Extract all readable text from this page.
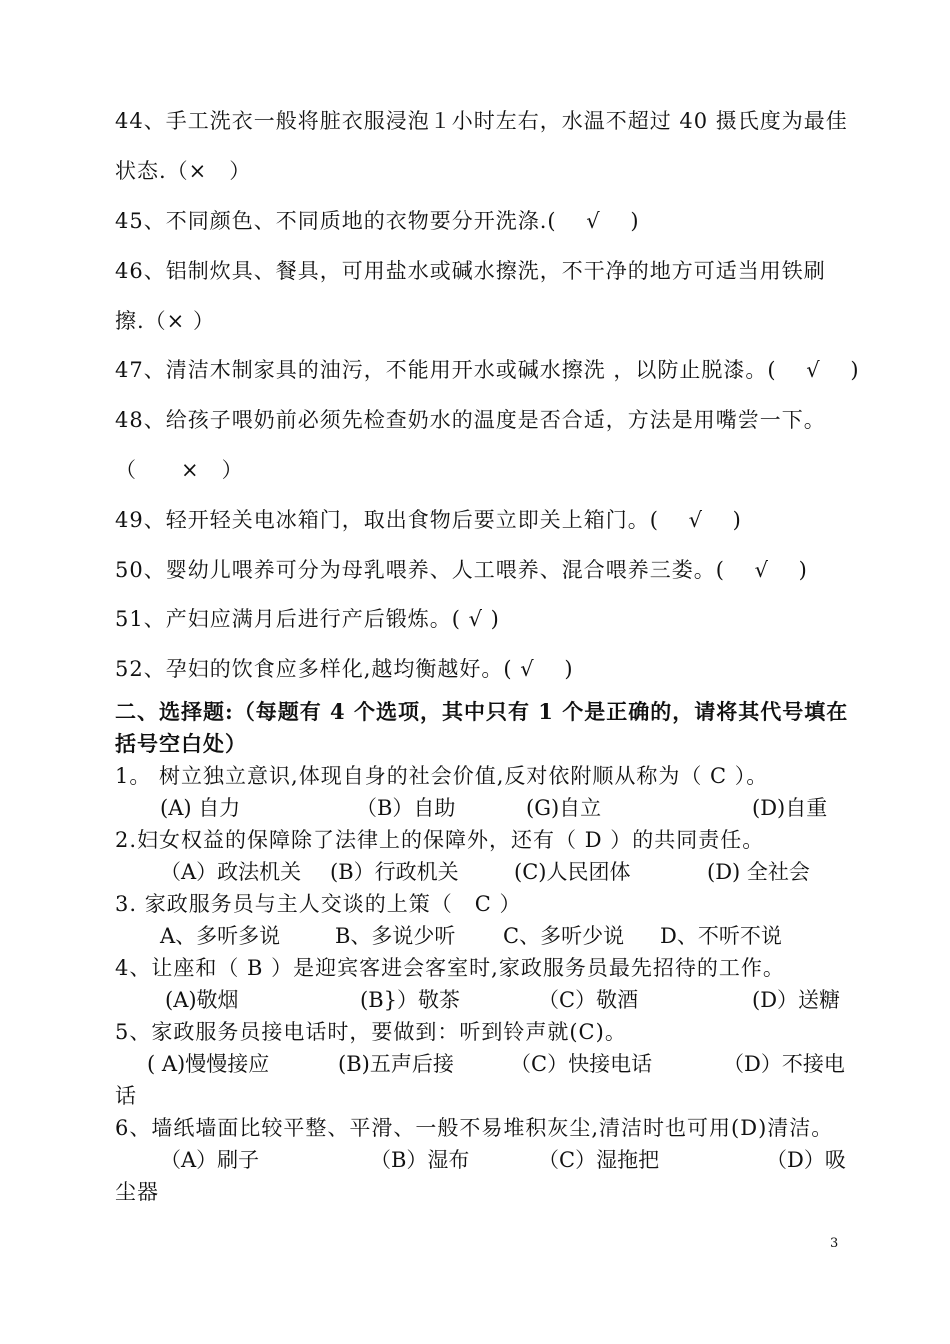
44、手工洗衣一般将脏衣服浸泡１小时左右，水温不超过 40 摄氏度为最佳
状态.（×　）
45、不同颜色、不同质地的衣物要分开洗涤.(　 √　 )
46、铝制炊具、餐具，可用盐水或碱水擦洗，不干净的地方可适当用铁刷
擦.（× ）
47、清洁木制家具的油污，不能用开水或碱水擦洗 ，以防止脱漆。(　 √　 )
48、给孩子喂奶前必须先检查奶水的温度是否合适，方法是用嘴尝一下。
（　　×　）
49、轻开轻关电冰箱门，取出食物后要立即关上箱门。(　 √　 )
50、婴幼儿喂养可分为母乳喂养、人工喂养、混合喂养三娄。(　 √　 )
51、产妇应满月后进行产后锻炼。( √ )
52、孕妇的饮食应多样化,越均衡越好。( √　 )
二、选择题:（每题有 4 个选项，其中只有 1 个是正确的，请将其代号填在
括号空白处）
1。 树立独立意识,体现自身的社会价值,反对依附顺从称为（ C ）。
(A) 自力	（B）自助	(G)自立	(D)自重
2.妇女权益的保障除了法律上的保障外，还有（ D ）的共同责任。
（A）政法机关 (B）行政机关	(C)人民团体	(D) 全社会
3. 家政服务员与主人交谈的上策（　C ）
A、多听多说	B、多说少听 C、多听少说 D、不听不说
4、让座和（ B ）是迎宾客进会客室时,家政服务员最先招待的工作。
(A)敬烟	(B}）敬茶	（C）敬酒	(D）送糖
5、家政服务员接电话时，要做到：听到铃声就(C)。
( A)慢慢接应	(B)五声后接	（C）快接电话	（D）不接电
话
6、墙纸墙面比较平整、平滑、一般不易堆积灰尘,清洁时也可用(D)清洁。
（A）刷子	（B）湿布	（C）湿拖把	（D）吸
尘器
3
